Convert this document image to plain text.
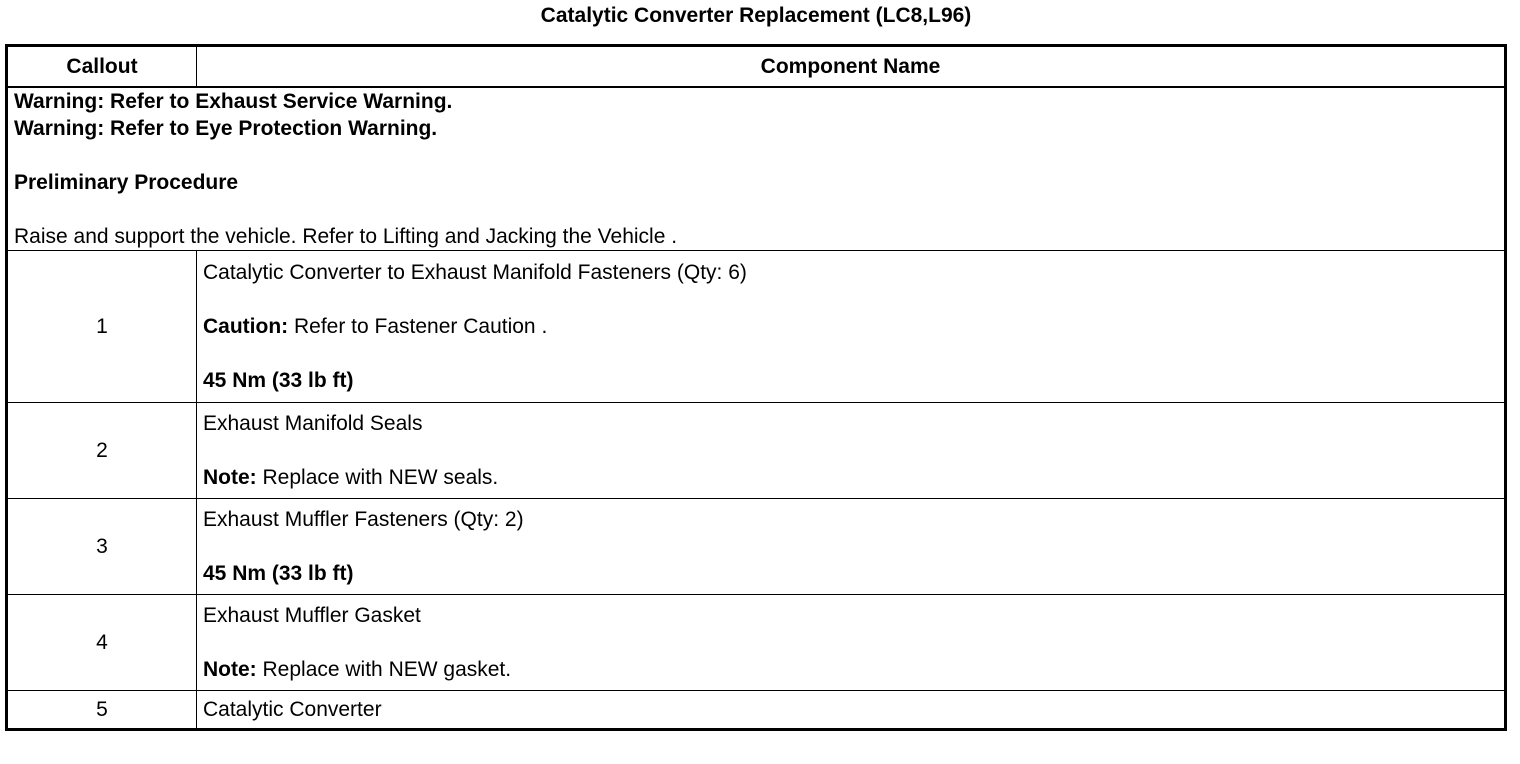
Catalytic Converter Replacement (LC8,L96)
Callout	Component Name

Warning: Refer to Exhaust Service Warning.

Warning: Refer to Eye Protection Warning.

Preliminary Procedure

Raise and support the vehicle. Refer to Lifting and Jacking the Vehicle .	

1	Catalytic Converter to Exhaust Manifold Fasteners (Qty: 6)

Caution: Refer to Fastener Caution .

45 Nm (33 lb ft)

2	Exhaust Manifold Seals

Note: Replace with NEW seals.

3	Exhaust Muffler Fasteners (Qty: 2)

45 Nm (33 lb ft)

4	Exhaust Muffler Gasket

Note: Replace with NEW gasket.

5	Catalytic Converter
